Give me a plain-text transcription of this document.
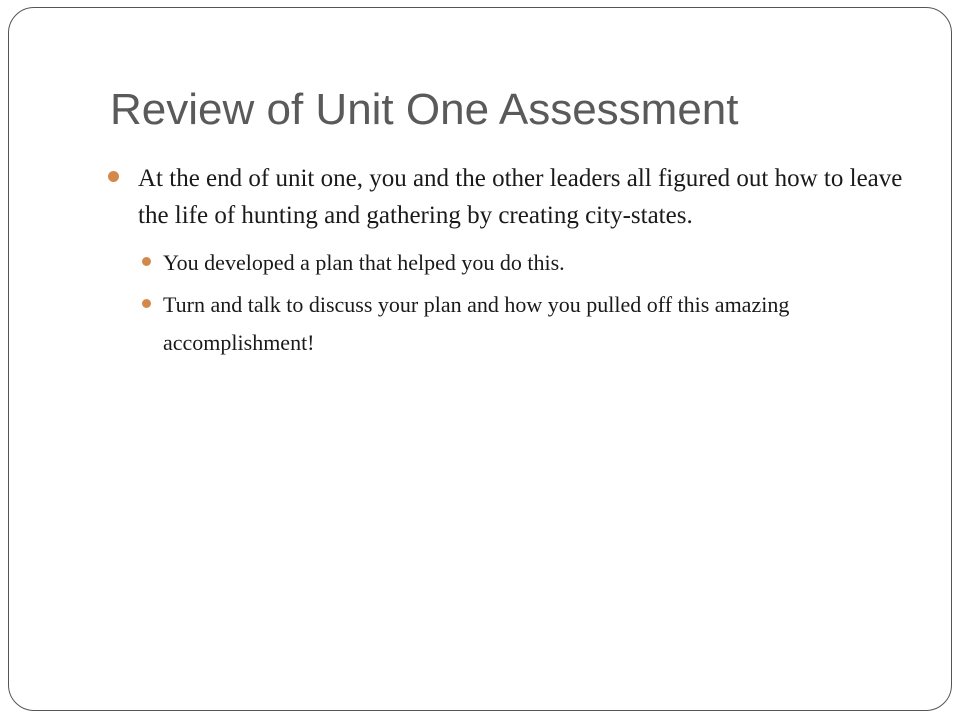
Review of Unit One Assessment
At the end of unit one, you and the other leaders all figured out how to leave the life of hunting and gathering by creating city-states.
You developed a plan that helped you do this.
Turn and talk to discuss your plan and how you pulled off this amazing accomplishment!
